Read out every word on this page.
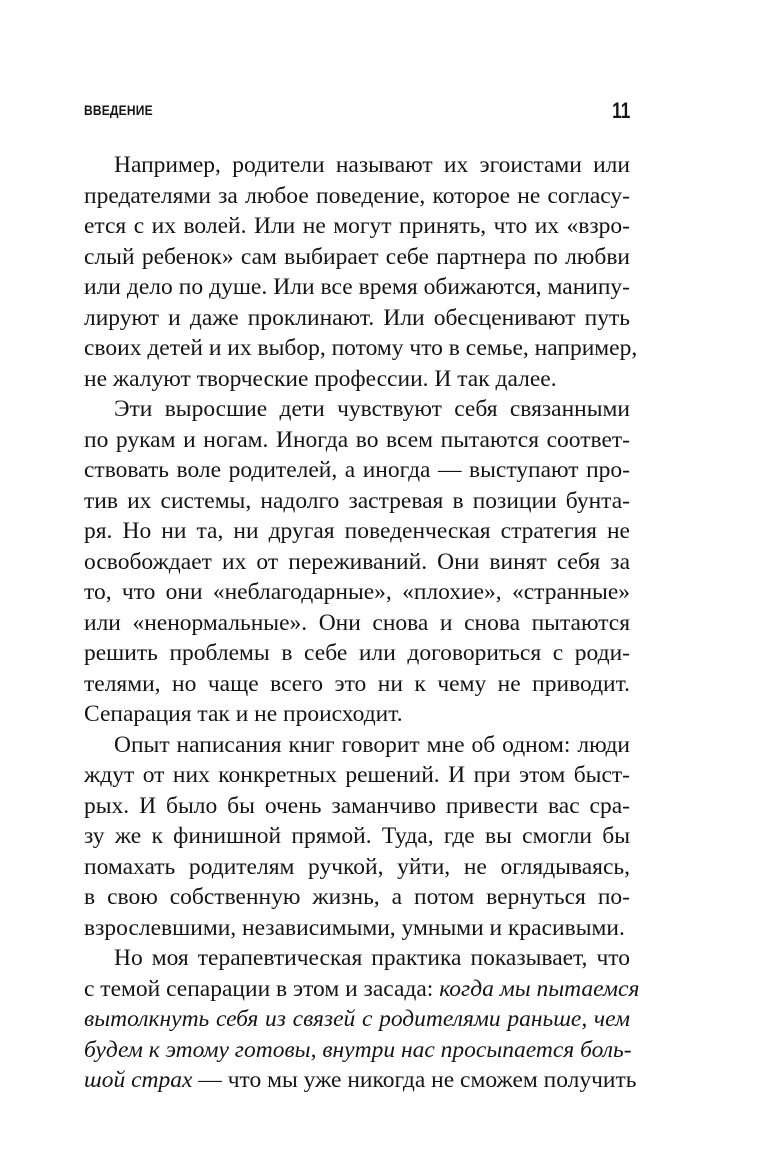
ВВЕДЕНИЕ	11
Например, родители называют их эгоистами или
предателями за любое поведение, которое не согласу-
ется с их волей. Или не могут принять, что их «взро-
слый ребенок» сам выбирает себе партнера по любви
или дело по душе. Или все время обижаются, манипу-
лируют и даже проклинают. Или обесценивают путь
своих детей и их выбор, потому что в семье, например,
не жалуют творческие профессии. И так далее.
Эти выросшие дети чувствуют себя связанными
по рукам и ногам. Иногда во всем пытаются соответ-
ствовать воле родителей, а иногда — выступают про-
тив их системы, надолго застревая в позиции бунта-
ря. Но ни та, ни другая поведенческая стратегия не
освобождает их от переживаний. Они винят себя за
то, что они «неблагодарные», «плохие», «странные»
или «ненормальные». Они снова и снова пытаются
решить проблемы в себе или договориться с роди-
телями, но чаще всего это ни к чему не приводит.
Сепарация так и не происходит.
Опыт написания книг говорит мне об одном: люди
ждут от них конкретных решений. И при этом быст-
рых. И было бы очень заманчиво привести вас сра-
зу же к финишной прямой. Туда, где вы смогли бы
помахать родителям ручкой, уйти, не оглядываясь,
в свою собственную жизнь, а потом вернуться по-
взрослевшими, независимыми, умными и красивыми.
Но моя терапевтическая практика показывает, что
с темой сепарации в этом и засада: когда мы пытаемся
вытолкнуть себя из связей с родителями раньше, чем
будем к этому готовы, внутри нас просыпается боль-
шой страх — что мы уже никогда не сможем получить
